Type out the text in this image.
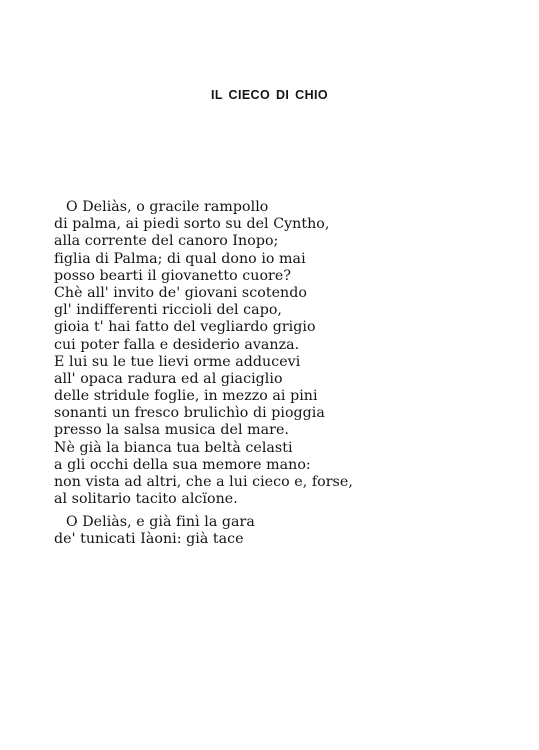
IL CIECO DI CHIO
O Deliàs, o gracile rampollo
di palma, ai piedi sorto su del Cyntho,
alla corrente del canoro Inopo;
figlia di Palma; di qual dono io mai
posso bearti il giovanetto cuore?
Chè all' invito de' giovani scotendo
gl' indifferenti riccioli del capo,
gioia t' hai fatto del vegliardo grigio
cui poter falla e desiderio avanza.
E lui su le tue lievi orme adducevi
all' opaca radura ed al giaciglio
delle stridule foglie, in mezzo ai pini
sonanti un fresco brulichìo di pioggia
presso la salsa musica del mare.
Nè già la bianca tua beltà celasti
a gli occhi della sua memore mano:
non vista ad altri, che a lui cieco e, forse,
al solitario tacito alcïone.
O Deliàs, e già finì la gara
de' tunicati Iàoni: già tace
